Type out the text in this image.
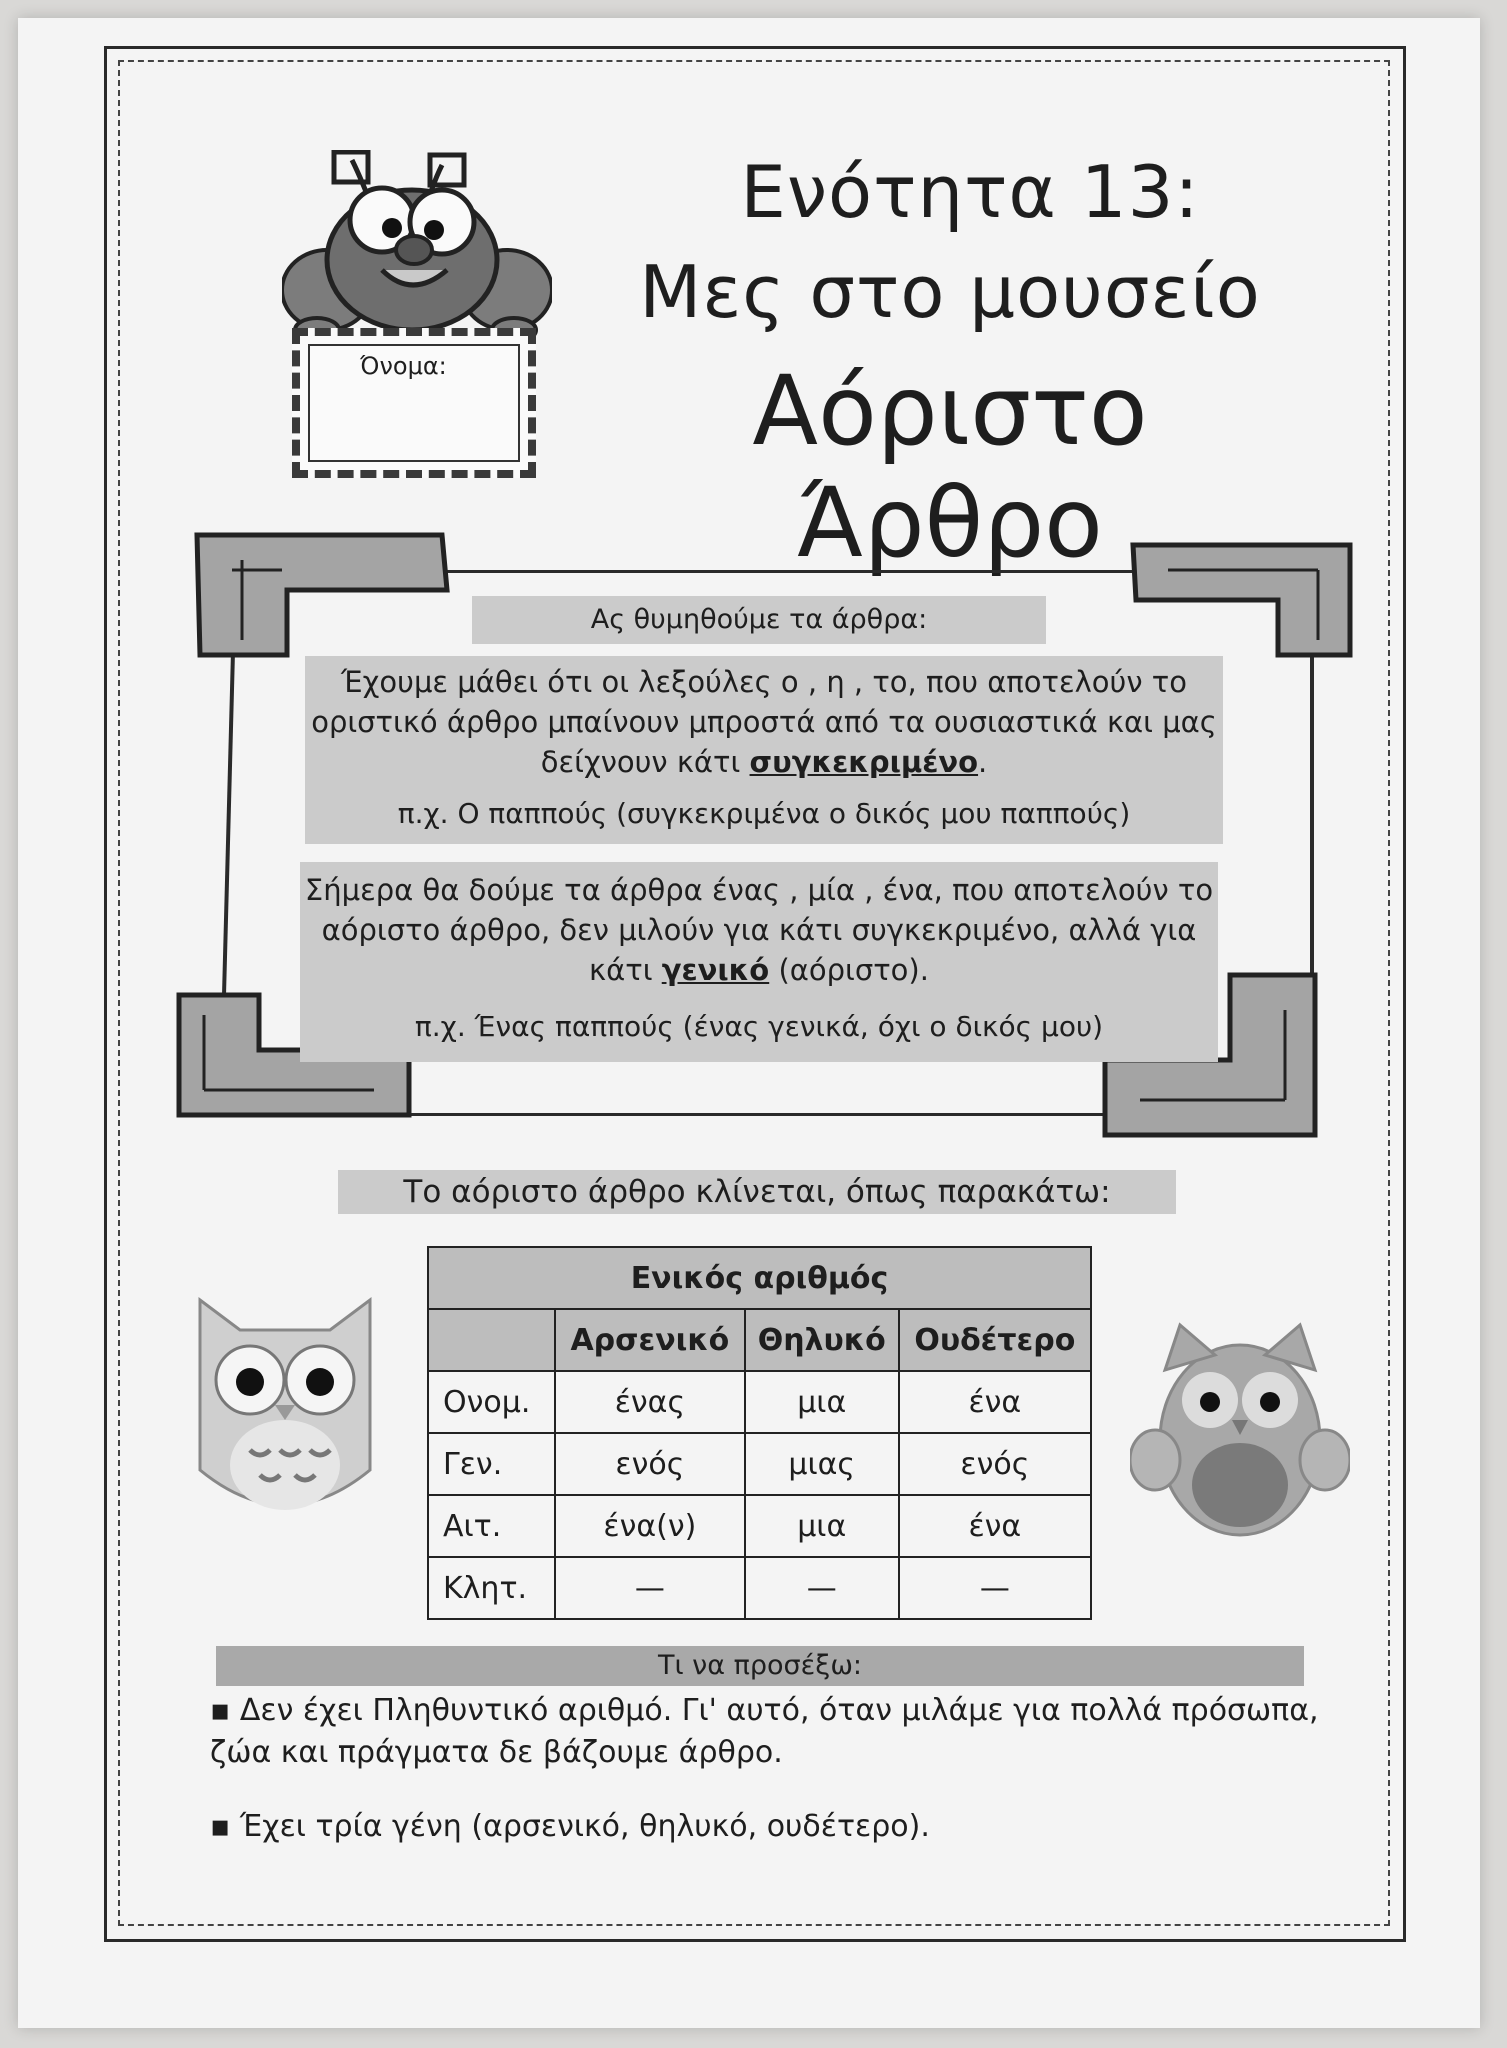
Όνομα:
Ενότητα 13:
Μες στο μουσείο
Αόριστο Άρθρο
Ας θυμηθούμε τα άρθρα:
Έχουμε μάθει ότι οι λεξούλες ο , η , το, που αποτελούν το οριστικό άρθρο μπαίνουν μπροστά από τα ουσιαστικά και μας δείχνουν κάτι συγκεκριμένο.
π.χ. Ο παππούς (συγκεκριμένα ο δικός μου παππούς)
Σήμερα θα δούμε τα άρθρα ένας , μία , ένα, που αποτελούν το αόριστο άρθρο, δεν μιλούν για κάτι συγκεκριμένο, αλλά για κάτι γενικό (αόριστο).
π.χ. Ένας παππούς (ένας γενικά, όχι ο δικός μου)
Το αόριστο άρθρο κλίνεται, όπως παρακάτω:
Ενικός αριθμός			
	Αρσενικό	Θηλυκό	Ουδέτερο
Ονομ.	ένας	μια	ένα
Γεν.	ενός	μιας	ενός
Αιτ.	ένα(ν)	μια	ένα
Κλητ.	—	—	—
Τι να προσέξω:
▪ Δεν έχει Πληθυντικό αριθμό. Γι' αυτό, όταν μιλάμε για πολλά πρόσωπα, ζώα και πράγματα δε βάζουμε άρθρο.
▪ Έχει τρία γένη (αρσενικό, θηλυκό, ουδέτερο).
